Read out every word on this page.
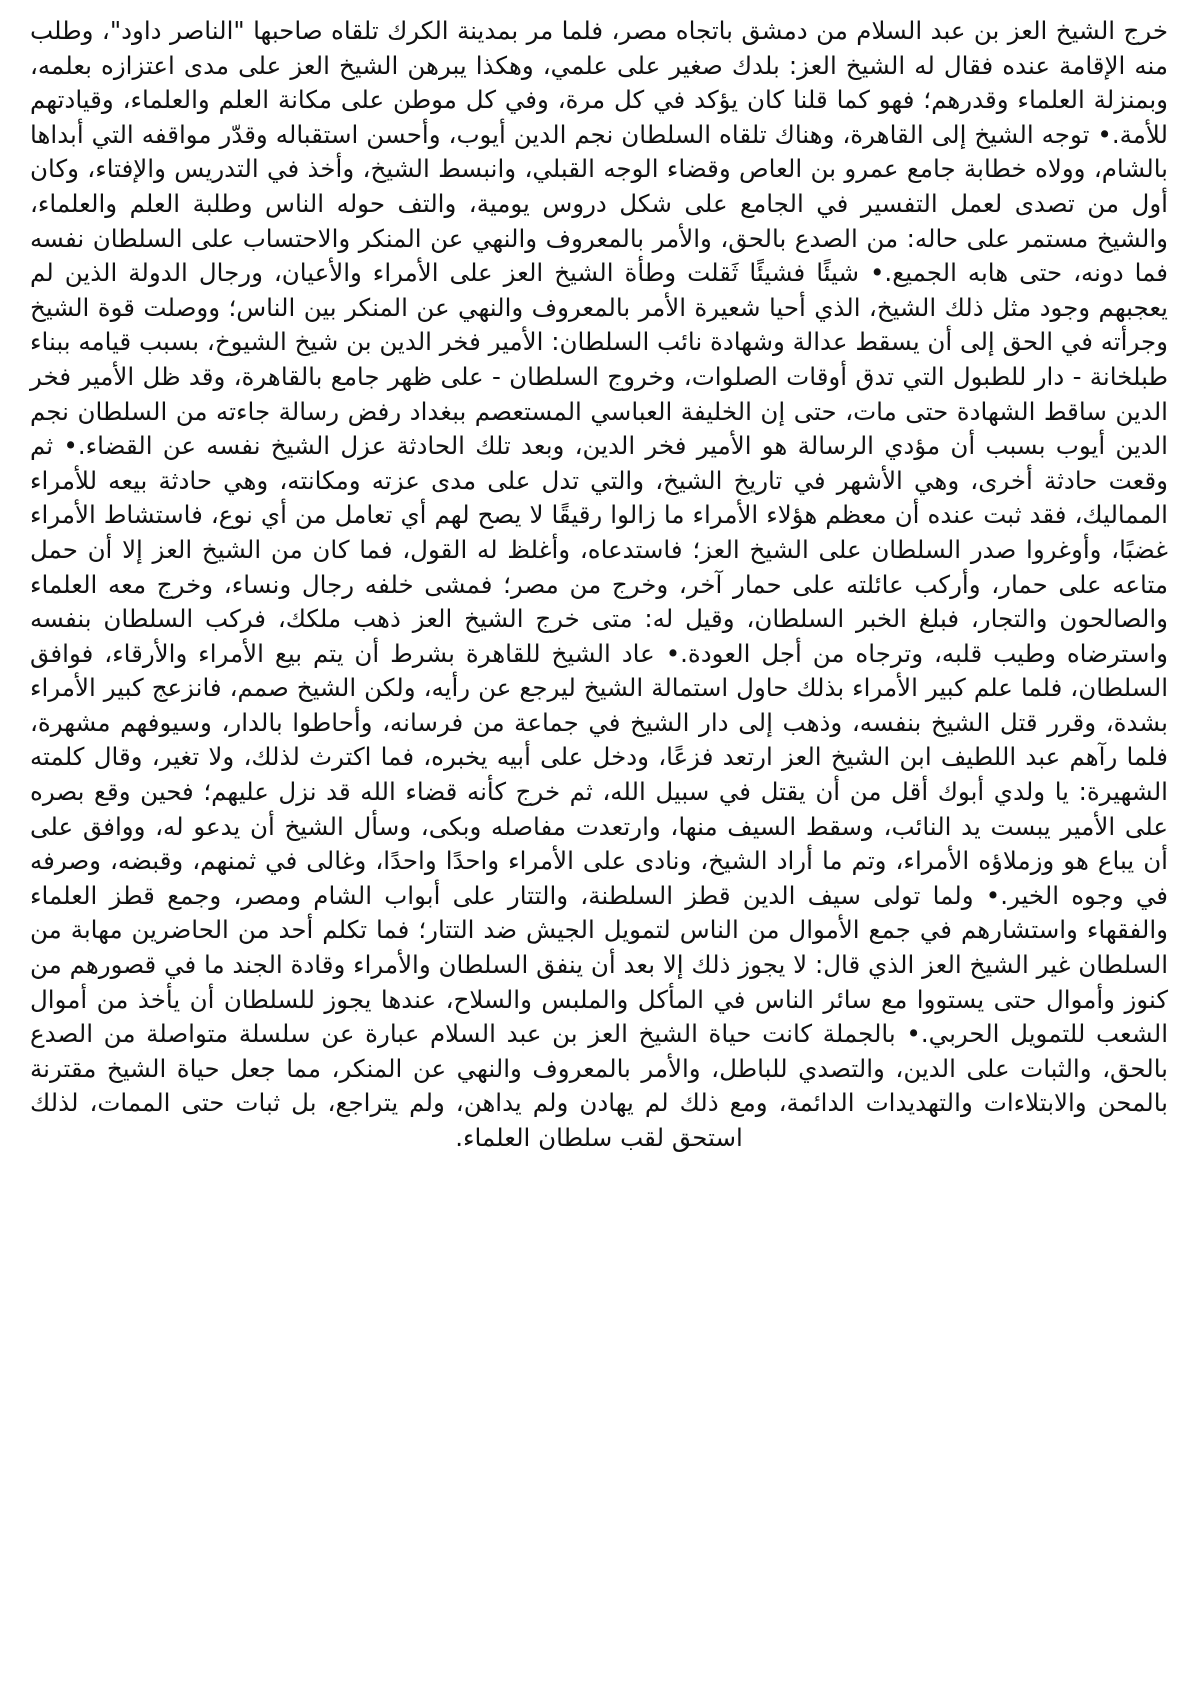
خرج الشيخ العز بن عبد السلام من دمشق باتجاه مصر، فلما مر بمدينة الكرك تلقاه صاحبها "الناصر داود"، وطلب منه الإقامة عنده فقال له الشيخ العز: بلدك صغير على علمي، وهكذا يبرهن الشيخ العز على مدى اعتزازه بعلمه، وبمنزلة العلماء وقدرهم؛ فهو كما قلنا كان يؤكد في كل مرة، وفي كل موطن على مكانة العلم والعلماء، وقيادتهم للأمة.• توجه الشيخ إلى القاهرة، وهناك تلقاه السلطان نجم الدين أيوب، وأحسن استقباله وقدّر مواقفه التي أبداها بالشام، وولاه خطابة جامع عمرو بن العاص وقضاء الوجه القبلي، وانبسط الشيخ، وأخذ في التدريس والإفتاء، وكان أول من تصدى لعمل التفسير في الجامع على شكل دروس يومية، والتف حوله الناس وطلبة العلم والعلماء، والشيخ مستمر على حاله: من الصدع بالحق، والأمر بالمعروف والنهي عن المنكر والاحتساب على السلطان نفسه فما دونه، حتى هابه الجميع.• شيئًا فشيئًا ثَقلت وطأة الشيخ العز على الأمراء والأعيان، ورجال الدولة الذين لم يعجبهم وجود مثل ذلك الشيخ، الذي أحيا شعيرة الأمر بالمعروف والنهي عن المنكر بين الناس؛ ووصلت قوة الشيخ وجرأته في الحق إلى أن يسقط عدالة وشهادة نائب السلطان: الأمير فخر الدين بن شيخ الشيوخ، بسبب قيامه ببناء طبلخانة - دار للطبول التي تدق أوقات الصلوات، وخروج السلطان - على ظهر جامع بالقاهرة، وقد ظل الأمير فخر الدين ساقط الشهادة حتى مات، حتى إن الخليفة العباسي المستعصم ببغداد رفض رسالة جاءته من السلطان نجم الدين أيوب بسبب أن مؤدي الرسالة هو الأمير فخر الدين، وبعد تلك الحادثة عزل الشيخ نفسه عن القضاء.• ثم وقعت حادثة أخرى، وهي الأشهر في تاريخ الشيخ، والتي تدل على مدى عزته ومكانته، وهي حادثة بيعه للأمراء المماليك، فقد ثبت عنده أن معظم هؤلاء الأمراء ما زالوا رقيقًا لا يصح لهم أي تعامل من أي نوع، فاستشاط الأمراء غضبًا، وأوغروا صدر السلطان على الشيخ العز؛ فاستدعاه، وأغلظ له القول، فما كان من الشيخ العز إلا أن حمل متاعه على حمار، وأركب عائلته على حمار آخر، وخرج من مصر؛ فمشى خلفه رجال ونساء، وخرج معه العلماء والصالحون والتجار، فبلغ الخبر السلطان، وقيل له: متى خرج الشيخ العز ذهب ملكك، فركب السلطان بنفسه واسترضاه وطيب قلبه، وترجاه من أجل العودة.• عاد الشيخ للقاهرة بشرط أن يتم بيع الأمراء والأرقاء، فوافق السلطان، فلما علم كبير الأمراء بذلك حاول استمالة الشيخ ليرجع عن رأيه، ولكن الشيخ صمم، فانزعج كبير الأمراء بشدة، وقرر قتل الشيخ بنفسه، وذهب إلى دار الشيخ في جماعة من فرسانه، وأحاطوا بالدار، وسيوفهم مشهرة، فلما رآهم عبد اللطيف ابن الشيخ العز ارتعد فزعًا، ودخل على أبيه يخبره، فما اكترث لذلك، ولا تغير، وقال كلمته الشهيرة: يا ولدي أبوك أقل من أن يقتل في سبيل الله، ثم خرج كأنه قضاء الله قد نزل عليهم؛ فحين وقع بصره على الأمير يبست يد النائب، وسقط السيف منها، وارتعدت مفاصله وبكى، وسأل الشيخ أن يدعو له، ووافق على أن يباع هو وزملاؤه الأمراء، وتم ما أراد الشيخ، ونادى على الأمراء واحدًا واحدًا، وغالى في ثمنهم، وقبضه، وصرفه في وجوه الخير.• ولما تولى سيف الدين قطز السلطنة، والتتار على أبواب الشام ومصر، وجمع قطز العلماء والفقهاء واستشارهم في جمع الأموال من الناس لتمويل الجيش ضد التتار؛ فما تكلم أحد من الحاضرين مهابة من السلطان غير الشيخ العز الذي قال: لا يجوز ذلك إلا بعد أن ينفق السلطان والأمراء وقادة الجند ما في قصورهم من كنوز وأموال حتى يستووا مع سائر الناس في المأكل والملبس والسلاح، عندها يجوز للسلطان أن يأخذ من أموال الشعب للتمويل الحربي.• بالجملة كانت حياة الشيخ العز بن عبد السلام عبارة عن سلسلة متواصلة من الصدع بالحق، والثبات على الدين، والتصدي للباطل، والأمر بالمعروف والنهي عن المنكر، مما جعل حياة الشيخ مقترنة بالمحن والابتلاءات والتهديدات الدائمة، ومع ذلك لم يهادن ولم يداهن، ولم يتراجع، بل ثبات حتى الممات، لذلك استحق لقب سلطان العلماء.
